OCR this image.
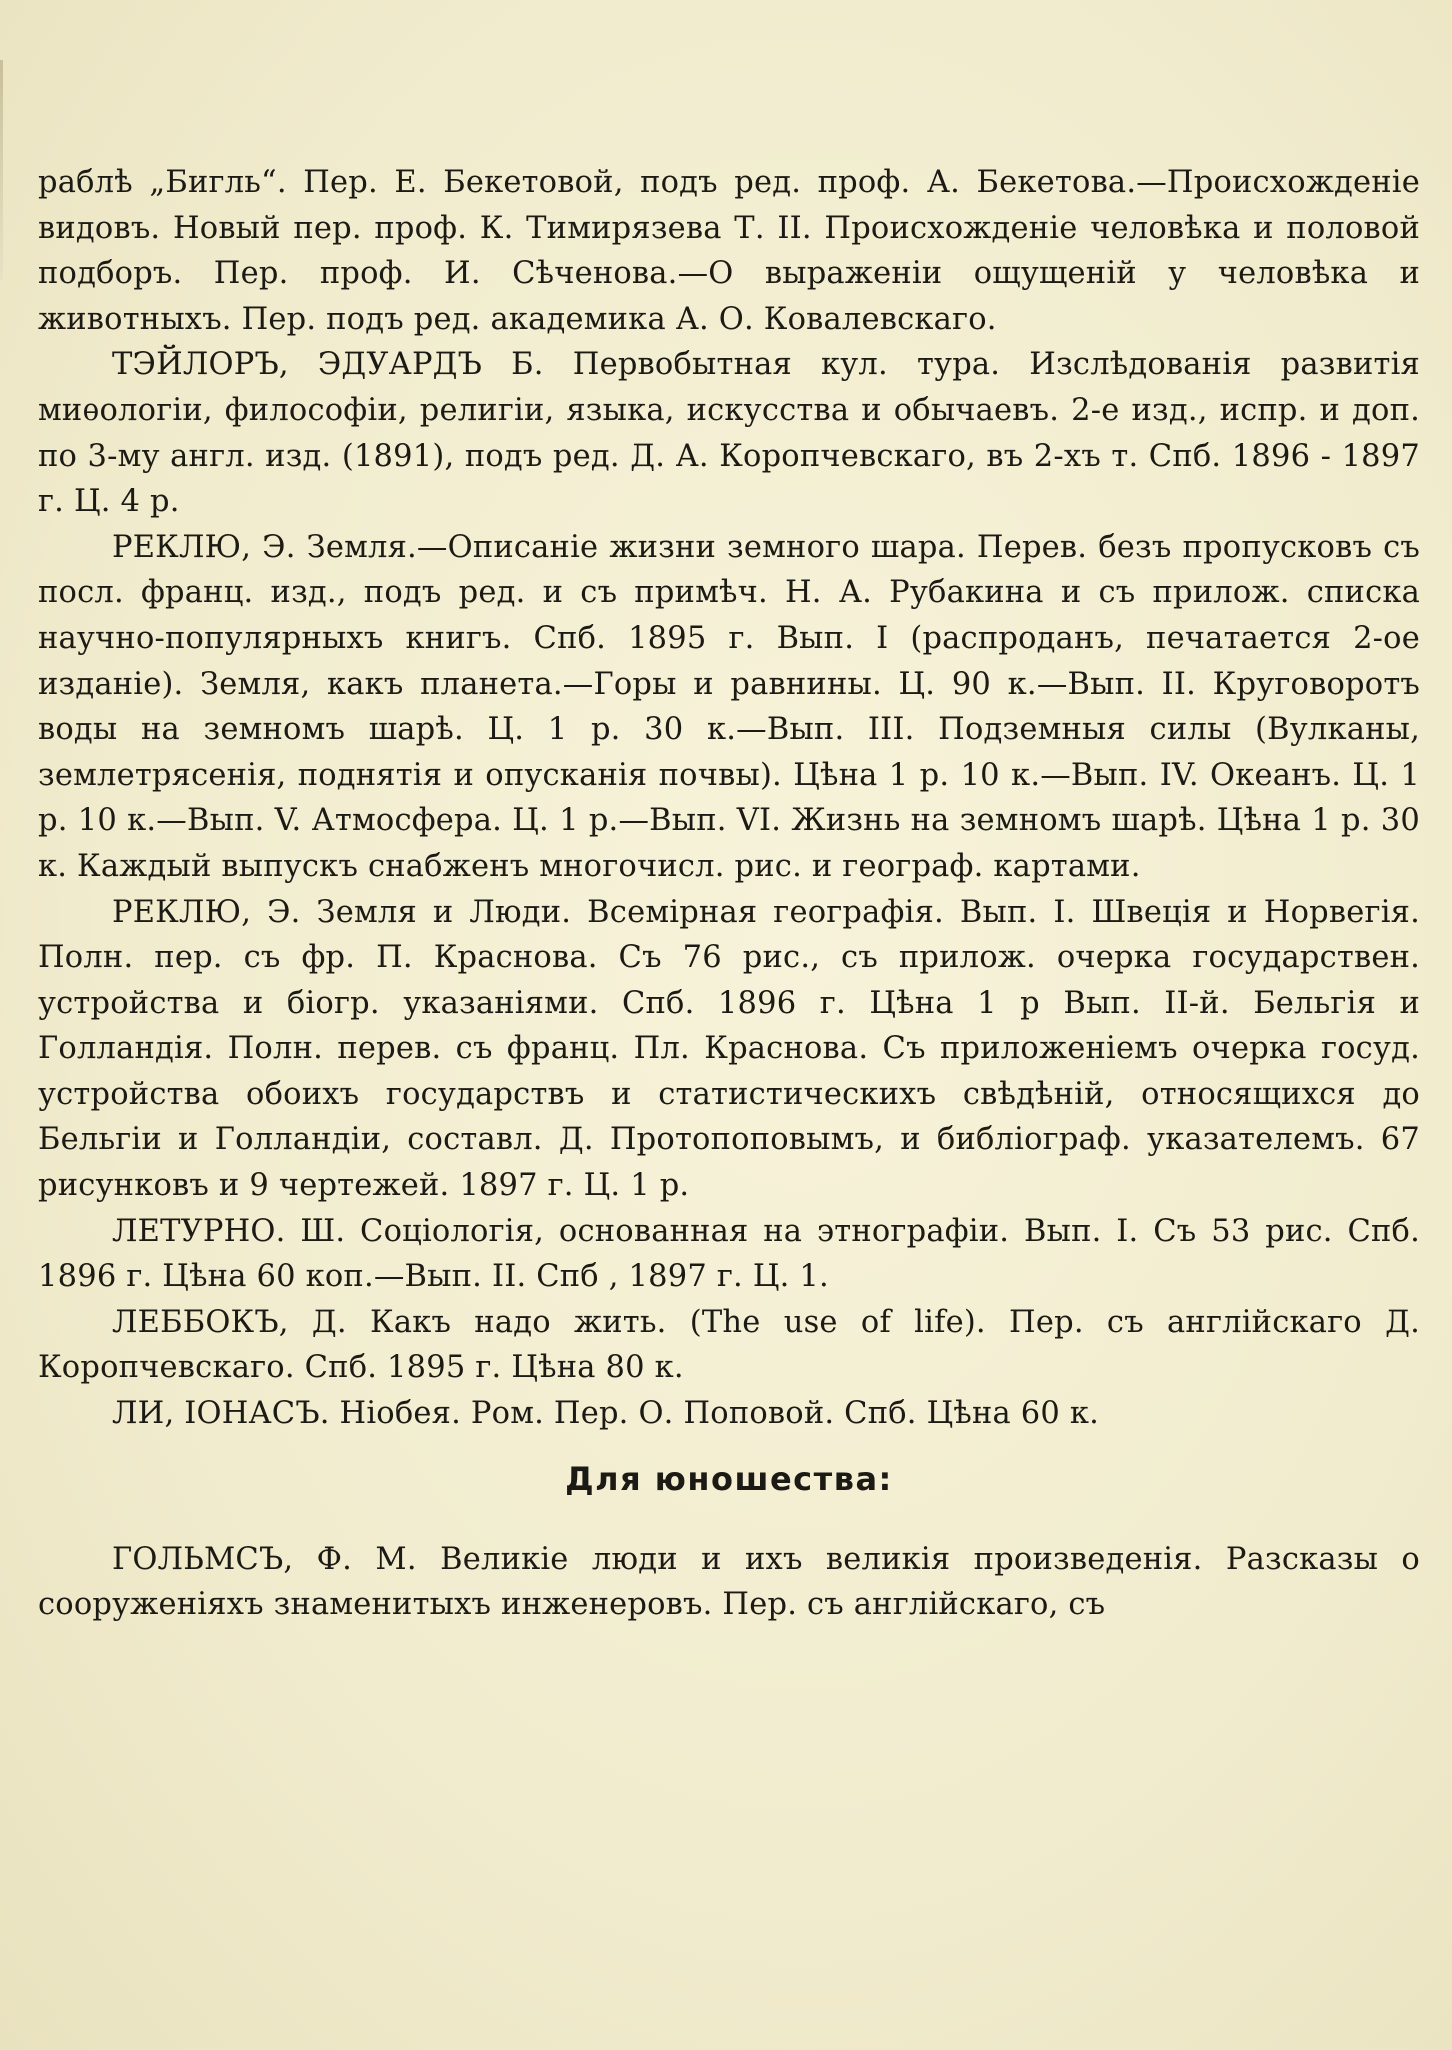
раблѣ „Бигль“. Пер. Е. Бекетовой, подъ ред. проф. А. Бекетова.—Происхожденіе видовъ. Новый пер. проф. К. Тимирязева Т. II. Происхожденіе человѣка и половой подборъ. Пер. проф. И. Сѣченова.—О выраженіи ощущеній у человѣка и животныхъ. Пер. подъ ред. академика А. О. Ковалевскаго.

ТЭЙЛОРЪ, ЭДУАРДЪ Б. Первобытная кул. тура. Изслѣдованія развитія миѳологіи, философіи, религіи, языка, искусства и обычаевъ. 2-е изд., испр. и доп. по 3-му англ. изд. (1891), подъ ред. Д. А. Коропчевскаго, въ 2-хъ т. Спб. 1896 - 1897 г. Ц. 4 р.

РЕКЛЮ, Э. Земля.—Описаніе жизни земного шара. Перев. безъ пропусковъ съ посл. франц. изд., подъ ред. и съ примѣч. Н. А. Рубакина и съ прилож. списка научно-популярныхъ книгъ. Спб. 1895 г. Вып. I (распроданъ, печатается 2-ое изданіе). Земля, какъ планета.—Горы и равнины. Ц. 90 к.—Вып. II. Круговоротъ воды на земномъ шарѣ. Ц. 1 р. 30 к.—Вып. III. Подземныя силы (Вулканы, землетрясенія, поднятія и опусканія почвы). Цѣна 1 р. 10 к.—Вып. IV. Океанъ. Ц. 1 р. 10 к.—Вып. V. Атмосфера. Ц. 1 р.—Вып. VI. Жизнь на земномъ шарѣ. Цѣна 1 р. 30 к. Каждый выпускъ снабженъ многочисл. рис. и географ. картами.

РЕКЛЮ, Э. Земля и Люди. Всемірная географія. Вып. I. Швеція и Норвегія. Полн. пер. съ фр. П. Краснова. Съ 76 рис., съ прилож. очерка государствен. устройства и біогр. указаніями. Спб. 1896 г. Цѣна 1 р Вып. II-й. Бельгія и Голландія. Полн. перев. съ франц. Пл. Краснова. Съ приложеніемъ очерка госуд. устройства обоихъ государствъ и статистическихъ свѣдѣній, относящихся до Бельгіи и Голландіи, составл. Д. Протопоповымъ, и библіограф. указателемъ. 67 рисунковъ и 9 чертежей. 1897 г. Ц. 1 р.

ЛЕТУРНО. Ш. Соціологія, основанная на этнографіи. Вып. I. Съ 53 рис. Спб. 1896 г. Цѣна 60 коп.—Вып. II. Спб , 1897 г. Ц. 1.

ЛЕББОКЪ, Д. Какъ надо жить. (The use of life). Пер. съ англійскаго Д. Коропчевскаго. Спб. 1895 г. Цѣна 80 к.

ЛИ, ІОНАСЪ. Ніобея. Ром. Пер. О. Поповой. Спб. Цѣна 60 к.

Для юношества:

ГОЛЬМСЪ, Ф. М. Великіе люди и ихъ великія произведенія. Разсказы о сооруженіяхъ знаменитыхъ инженеровъ. Пер. съ англійскаго, съ
